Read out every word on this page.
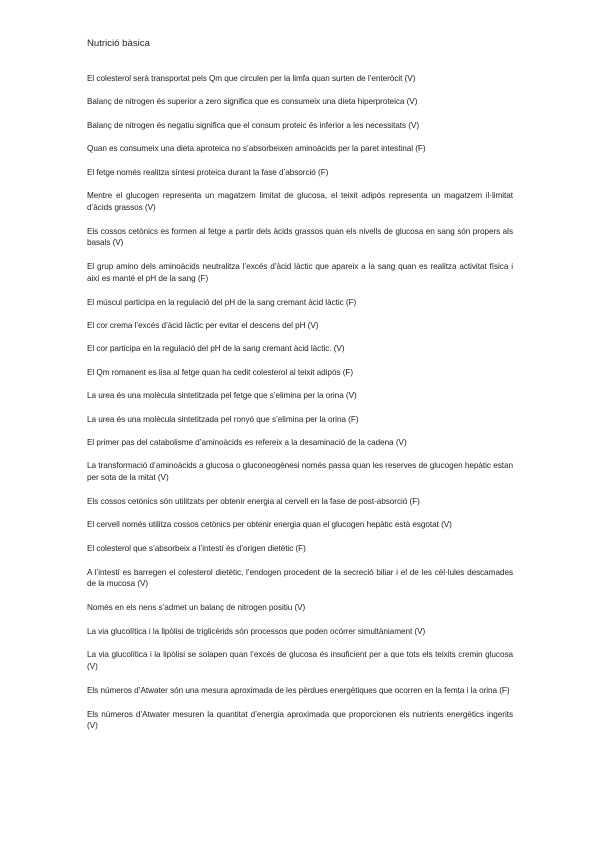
Nutrició bàsica
El colesterol serà transportat pels Qm que circulen per la limfa quan surten de l’enteròcit (V)
Balanç de nitrogen és superior a zero significa que es consumeix una dieta hiperproteica (V)
Balanç de nitrogen és negatiu significa que el consum proteic és inferior a les necessitats (V)
Quan es consumeix una dieta aproteica no s’absorbeixen aminoàcids per la paret intestinal (F)
El fetge només realitza síntesi proteica durant la fase d’absorció (F)
Mentre el glucogen representa un magatzem limitat de glucosa, el teixit adipós representa un magatzem il·limitat d’àcids grassos (V)
Els cossos cetònics es formen al fetge a partir dels àcids grassos quan els nivells de glucosa en sang són propers als basals (V)
El grup amino dels aminoàcids neutralitza l’excés d’àcid làctic que apareix a la sang quan es realitza activitat física i així es manté el pH de la sang (F)
El múscul participa en la regulació del pH de la sang cremant àcid làctic (F)
El cor crema l’excés d’àcid làctic per evitar el descens del pH (V)
El cor participa en la regulació del pH de la sang cremant àcid làctic. (V)
El Qm romanent es lisa al fetge quan ha cedit colesterol al teixit adipós (F)
La urea és una molècula sintetitzada pel fetge que s’elimina per la orina (V)
La urea és una molècula sintetitzada pel ronyó que s’elimina per la orina (F)
El primer pas del catabolisme d’aminoàcids es refereix a la desaminació de la cadena (V)
La transformació d’aminoàcids a glucosa o gluconeogènesi només passa quan les reserves de glucogen hepàtic estan per sota de la mitat (V)
Els cossos cetònics són utilitzats per obtenir energia al cervell en la fase de post-absorció (F)
El cervell només utilitza cossos cetònics per obtenir energia quan el glucogen hepàtic està esgotat (V)
El colesterol que s’absorbeix a l’intestí és d’origen dietètic (F)
A l’intestí es barregen el colesterol dietètic, l’endogen procedent de la secreció biliar i el de les cèl·lules descamades de la mucosa (V)
Només en els nens s’admet un balanç de nitrogen positiu (V)
La via glucolítica i la lipòlisi de triglicèrids són processos que poden ocórrer simultàniament (V)
La via glucolítica i la lipòlisi se solapen quan l’excés de glucosa és insuficient per a que tots els teixits cremin glucosa (V)
Els números d’Atwater són una mesura aproximada de les pèrdues energètiques que ocorren en la femta i la orina (F)
Els números d’Atwater mesuren la quantitat d’energia aproximada que proporcionen els nutrients energètics ingerits (V)
